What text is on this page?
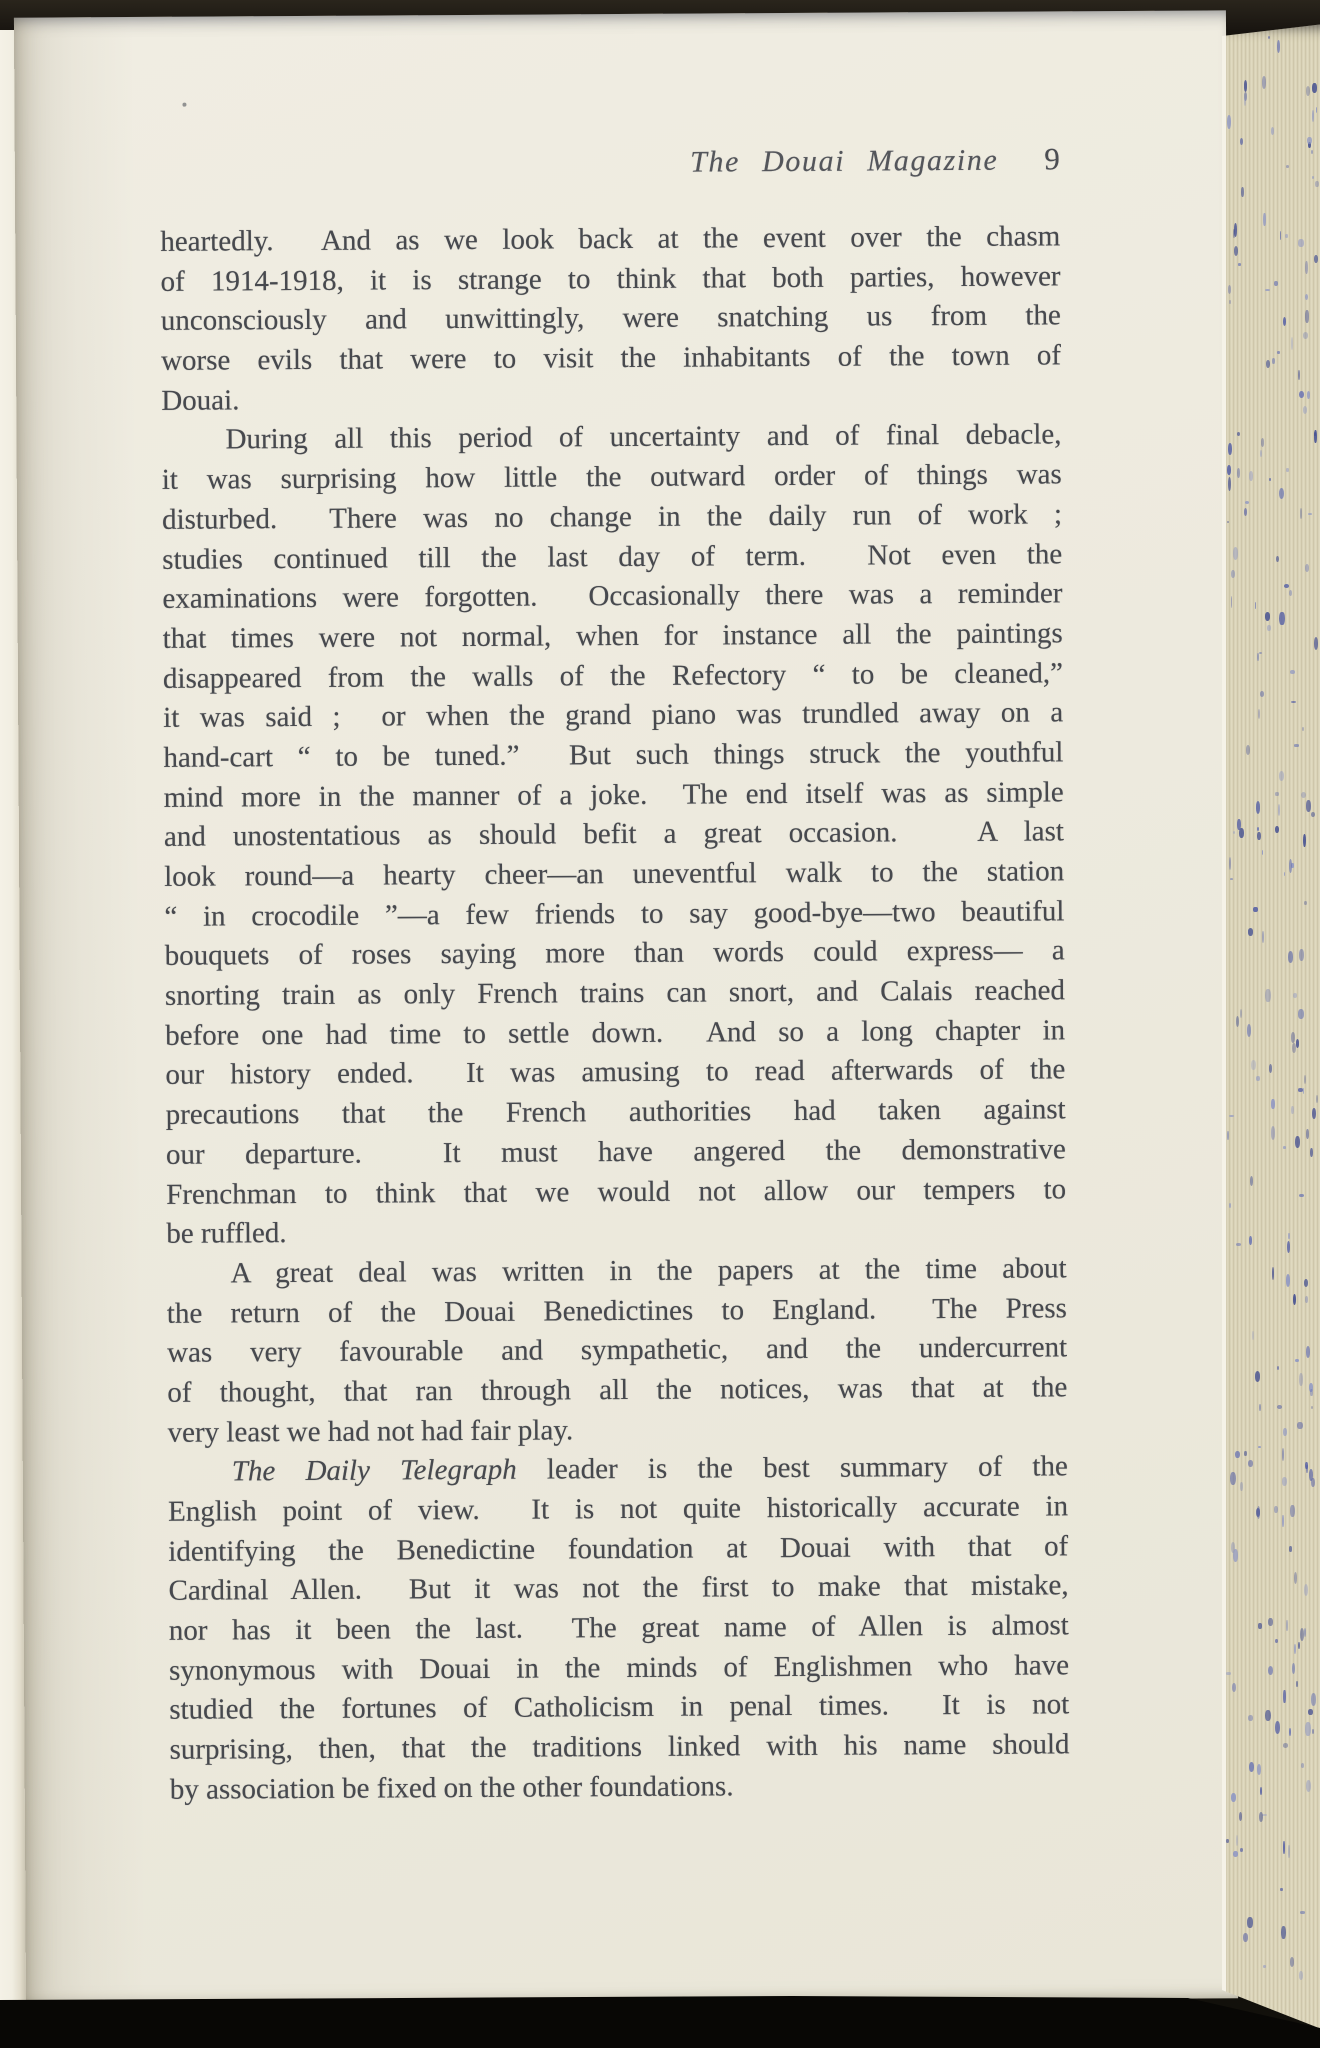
The Douai Magazine 9
heartedly.  And as we look back at the event over the chasm
of 1914-1918, it is strange to think that both parties, however
unconsciously and unwittingly, were snatching us from the
worse evils that were to visit the inhabitants of the town of
Douai.
During all this period of uncertainty and of final debacle,
it was surprising how little the outward order of things was
disturbed.  There was no change in the daily run of work ;
studies continued till the last day of term.  Not even the
examinations were forgotten.  Occasionally there was a reminder
that times were not normal, when for instance all the paintings
disappeared from the walls of the Refectory “ to be cleaned,”
it was said ;  or when the grand piano was trundled away on a
hand-cart “ to be tuned.”  But such things struck the youthful
mind more in the manner of a joke.  The end itself was as simple
and unostentatious as should befit a great occasion.   A last
look round—a hearty cheer—an uneventful walk to the station
“ in crocodile ”—a few friends to say good-bye—two beautiful
bouquets of roses saying more than words could express— a
snorting train as only French trains can snort, and Calais reached
before one had time to settle down.  And so a long chapter in
our history ended.  It was amusing to read afterwards of the
precautions that the French authorities had taken against
our departure.  It must have angered the demonstrative
Frenchman to think that we would not allow our tempers to
be ruffled.
A great deal was written in the papers at the time about
the return of the Douai Benedictines to England.  The Press
was very favourable and sympathetic, and the undercurrent
of thought, that ran through all the notices, was that at the
very least we had not had fair play.
The Daily Telegraph leader is the best summary of the
English point of view.  It is not quite historically accurate in
identifying the Benedictine foundation at Douai with that of
Cardinal Allen.  But it was not the first to make that mistake,
nor has it been the last.  The great name of Allen is almost
synonymous with Douai in the minds of Englishmen who have
studied the fortunes of Catholicism in penal times.  It is not
surprising, then, that the traditions linked with his name should
by association be fixed on the other foundations.
